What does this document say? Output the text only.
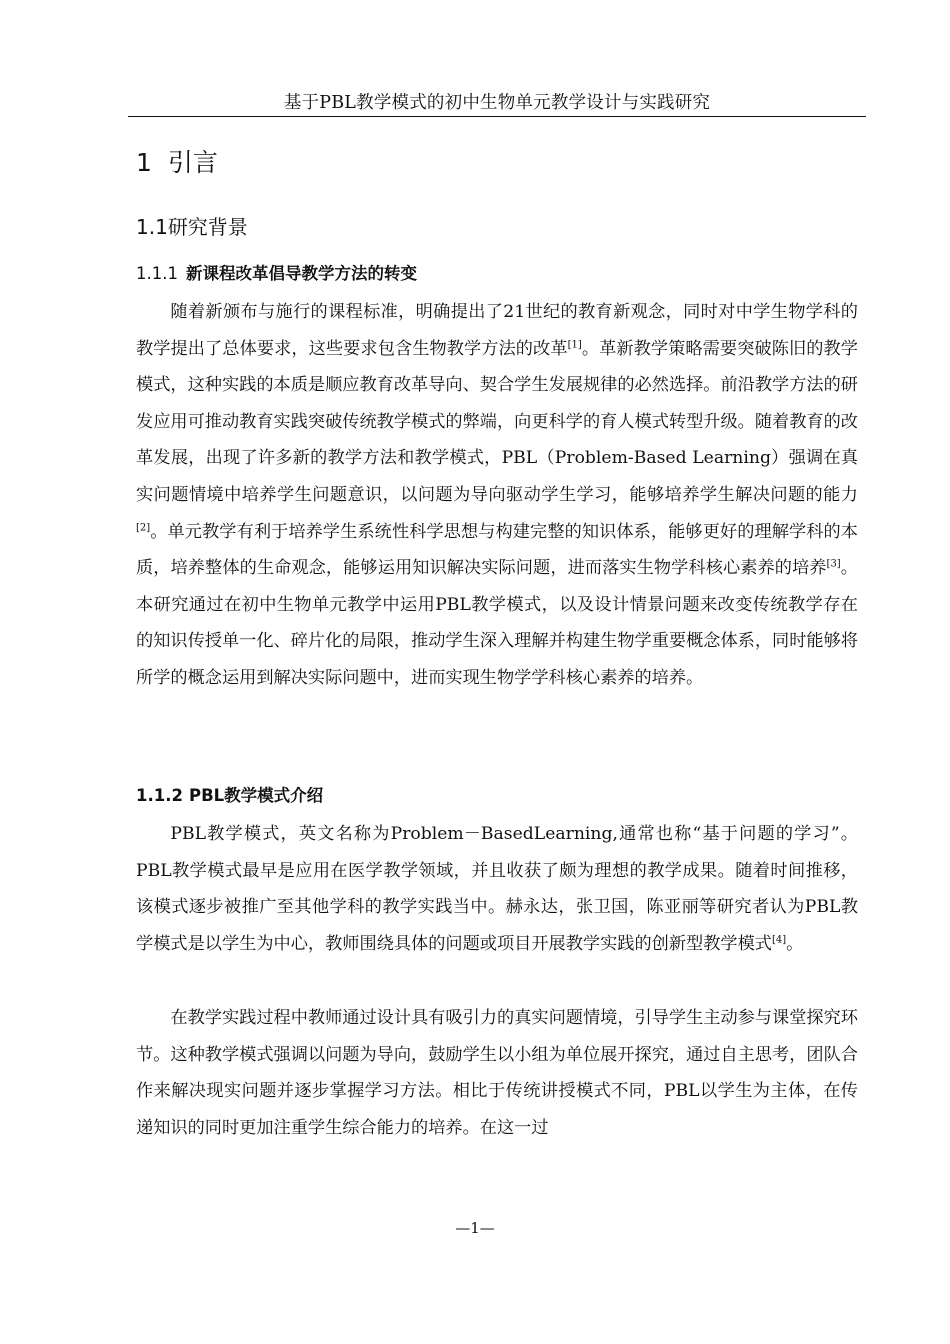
基于PBL教学模式的初中生物单元教学设计与实践研究
1 引言
1.1研究背景
1.1.1 新课程改革倡导教学方法的转变

随着新颁布与施行的课程标准，明确提出了21世纪的教育新观念，同时对中学生物学科的教学提出了总体要求，这些要求包含生物教学方法的改革[1]。革新教学策略需要突破陈旧的教学模式，这种实践的本质是顺应教育改革导向、契合学生发展规律的必然选择。前沿教学方法的研发应用可推动教育实践突破传统教学模式的弊端，向更科学的育人模式转型升级。随着教育的改革发展，出现了许多新的教学方法和教学模式，PBL（Problem-Based Learning）强调在真实问题情境中培养学生问题意识，以问题为导向驱动学生学习，能够培养学生解决问题的能力[2]。单元教学有利于培养学生系统性科学思想与构建完整的知识体系，能够更好的理解学科的本质，培养整体的生命观念，能够运用知识解决实际问题，进而落实生物学科核心素养的培养[3]。本研究通过在初中生物单元教学中运用PBL教学模式，以及设计情景问题来改变传统教学存在的知识传授单一化、碎片化的局限，推动学生深入理解并构建生物学重要概念体系，同时能够将所学的概念运用到解决实际问题中，进而实现生物学学科核心素养的培养。

1.1.2 PBL教学模式介绍

PBL教学模式，英文名称为Problem－BasedLearning,通常也称“基于问题的学习”。PBL教学模式最早是应用在医学教学领域，并且收获了颇为理想的教学成果。随着时间推移，该模式逐步被推广至其他学科的教学实践当中。赫永达，张卫国，陈亚丽等研究者认为PBL教学模式是以学生为中心，教师围绕具体的问题或项目开展教学实践的创新型教学模式[4]。

在教学实践过程中教师通过设计具有吸引力的真实问题情境，引导学生主动参与课堂探究环节。这种教学模式强调以问题为导向，鼓励学生以小组为单位展开探究，通过自主思考，团队合作来解决现实问题并逐步掌握学习方法。相比于传统讲授模式不同，PBL以学生为主体，在传递知识的同时更加注重学生综合能力的培养。在这一过

—1—
